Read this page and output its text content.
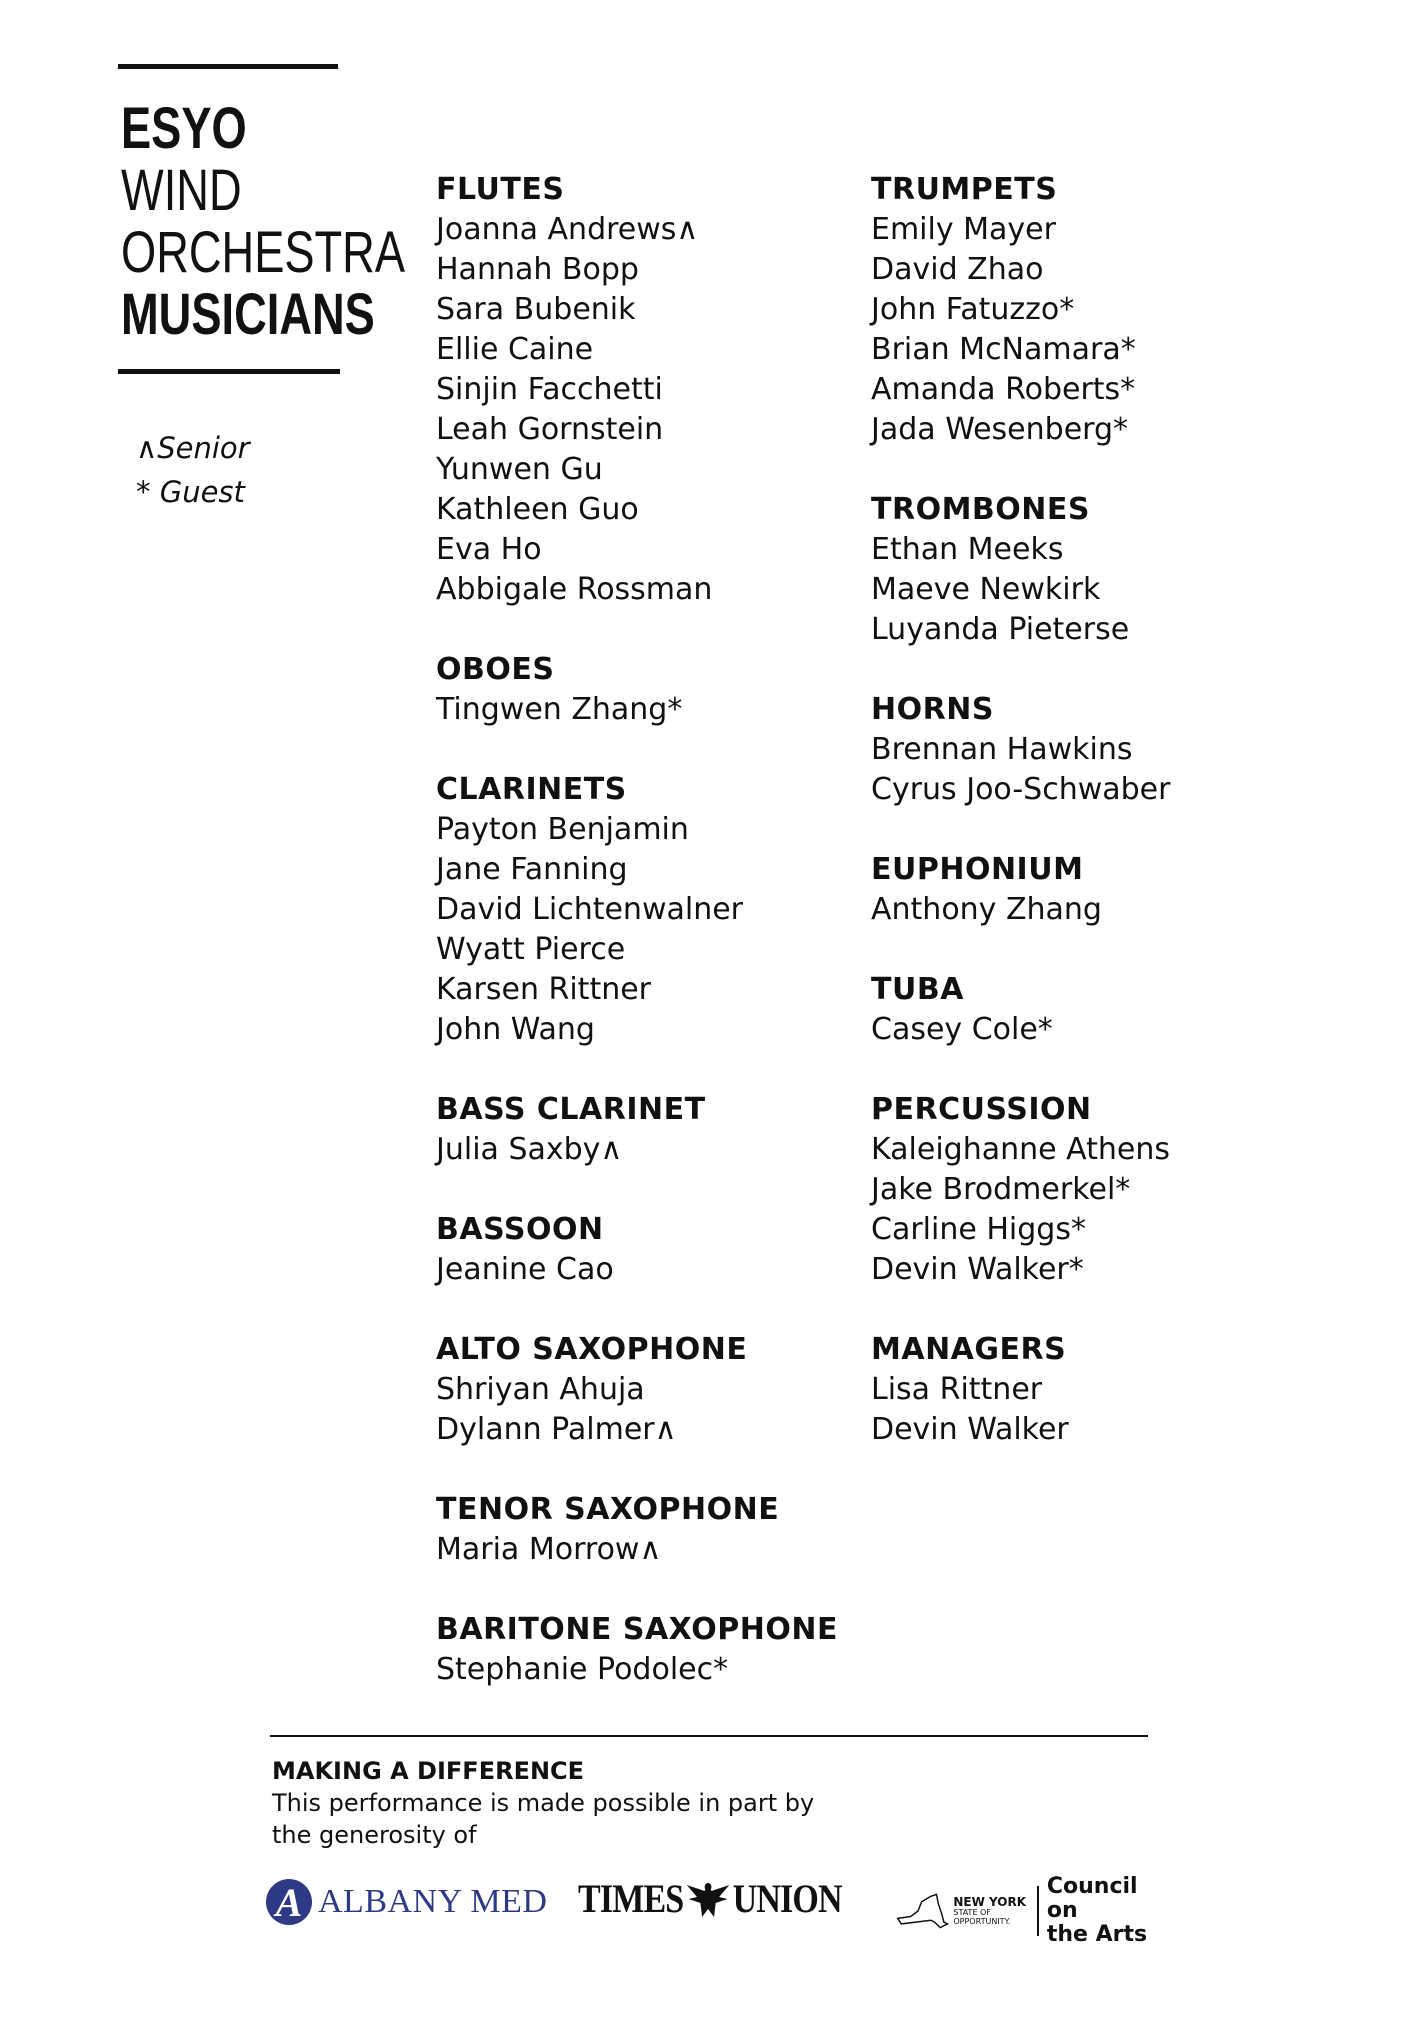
ESYO
WIND
ORCHESTRA
MUSICIANS
∧Senior
* Guest
FLUTES
Joanna Andrews∧
Hannah Bopp
Sara Bubenik
Ellie Caine
Sinjin Facchetti
Leah Gornstein
Yunwen Gu
Kathleen Guo
Eva Ho
Abbigale Rossman
OBOES
Tingwen Zhang*
CLARINETS
Payton Benjamin
Jane Fanning
David Lichtenwalner
Wyatt Pierce
Karsen Rittner
John Wang
BASS CLARINET
Julia Saxby∧
BASSOON
Jeanine Cao
ALTO SAXOPHONE
Shriyan Ahuja
Dylann Palmer∧
TENOR SAXOPHONE
Maria Morrow∧
BARITONE SAXOPHONE
Stephanie Podolec*
TRUMPETS
Emily Mayer
David Zhao
John Fatuzzo*
Brian McNamara*
Amanda Roberts*
Jada Wesenberg*
TROMBONES
Ethan Meeks
Maeve Newkirk
Luyanda Pieterse
HORNS
Brennan Hawkins
Cyrus Joo-Schwaber
EUPHONIUM
Anthony Zhang
TUBA
Casey Cole*
PERCUSSION
Kaleighanne Athens
Jake Brodmerkel*
Carline Higgs*
Devin Walker*
MANAGERS
Lisa Rittner
Devin Walker
MAKING A DIFFERENCE
This performance is made possible in part by
the generosity of
A ALBANY MED TIMES UNION	NEW YORK
STATE OF
OPPORTUNITY.
Council on
the Arts
